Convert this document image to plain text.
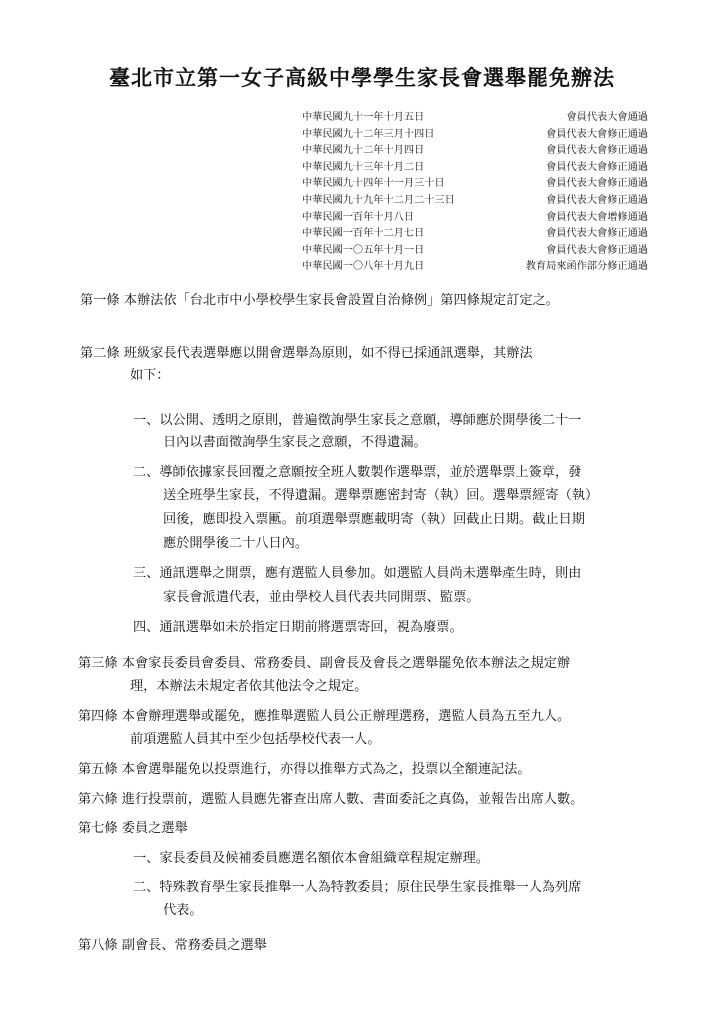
臺北市立第一女子高級中學學生家長會選舉罷免辦法
中華民國九十一年十月五日	會員代表大會通過
中華民國九十二年三月十四日	會員代表大會修正通過
中華民國九十二年十月四日	會員代表大會修正通過
中華民國九十三年十月二日	會員代表大會修正通過
中華民國九十四年十一月三十日	會員代表大會修正通過
中華民國九十九年十二月二十三日	會員代表大會修正通過
中華民國一百年十月八日	會員代表大會增修通過
中華民國一百年十二月七日	會員代表大會修正通過
中華民國一〇五年十月一日	會員代表大會修正通過
中華民國一〇八年十月九日	教育局來函作部分修正通過
第一條 本辦法依「台北市中小學校學生家長會設置自治條例」第四條規定訂定之。
第二條 班級家長代表選舉應以開會選舉為原則，如不得已採通訊選舉，其辦法
如下：
一、以公開、透明之原則，普遍徵詢學生家長之意願，導師應於開學後二十一
日內以書面徵詢學生家長之意願，不得遺漏。
二、導師依據家長回覆之意願按全班人數製作選舉票，並於選舉票上簽章，發
送全班學生家長，不得遺漏。選舉票應密封寄（執）回。選舉票經寄（執）
回後，應即投入票匭。前項選舉票應載明寄（執）回截止日期。截止日期
應於開學後二十八日內。
三、通訊選舉之開票，應有選監人員參加。如選監人員尚未選舉產生時，則由
家長會派遣代表，並由學校人員代表共同開票、監票。
四、通訊選舉如未於指定日期前將選票寄回，視為廢票。
第三條 本會家長委員會委員、常務委員、副會長及會長之選舉罷免依本辦法之規定辦
理，本辦法未規定者依其他法令之規定。
第四條 本會辦理選舉或罷免，應推舉選監人員公正辦理選務，選監人員為五至九人。
前項選監人員其中至少包括學校代表一人。
第五條 本會選舉罷免以投票進行，亦得以推舉方式為之，投票以全額連記法。
第六條 進行投票前，選監人員應先審查出席人數、書面委託之真偽，並報告出席人數。
第七條 委員之選舉
一、家長委員及候補委員應選名額依本會組織章程規定辦理。
二、特殊教育學生家長推舉一人為特教委員；原住民學生家長推舉一人為列席
代表。
第八條 副會長、常務委員之選舉
